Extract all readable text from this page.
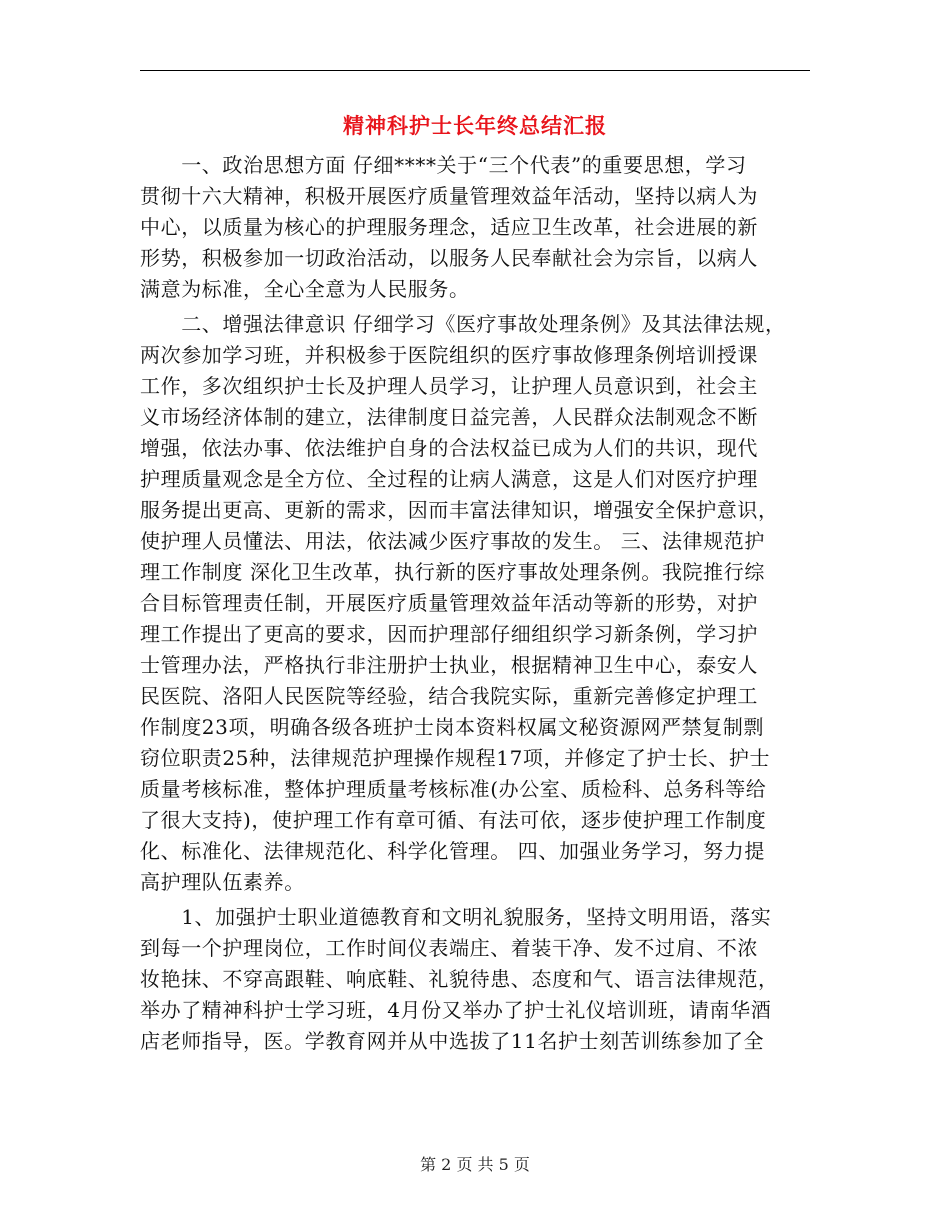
精神科护士长年终总结汇报
　　一、政治思想方面 仔细****关于“三个代表”的重要思想，学习
贯彻十六大精神，积极开展医疗质量管理效益年活动，坚持以病人为
中心，以质量为核心的护理服务理念，适应卫生改革，社会进展的新
形势，积极参加一切政治活动，以服务人民奉献社会为宗旨，以病人
满意为标准，全心全意为人民服务。
　　二、增强法律意识 仔细学习《医疗事故处理条例》及其法律法规，
两次参加学习班，并积极参于医院组织的医疗事故修理条例培训授课
工作，多次组织护士长及护理人员学习，让护理人员意识到，社会主
义市场经济体制的建立，法律制度日益完善，人民群众法制观念不断
增强，依法办事、依法维护自身的合法权益已成为人们的共识，现代
护理质量观念是全方位、全过程的让病人满意，这是人们对医疗护理
服务提出更高、更新的需求，因而丰富法律知识，增强安全保护意识，
使护理人员懂法、用法，依法减少医疗事故的发生。 三、法律规范护
理工作制度 深化卫生改革，执行新的医疗事故处理条例。我院推行综
合目标管理责任制，开展医疗质量管理效益年活动等新的形势，对护
理工作提出了更高的要求，因而护理部仔细组织学习新条例，学习护
士管理办法，严格执行非注册护士执业，根据精神卫生中心，泰安人
民医院、洛阳人民医院等经验，结合我院实际，重新完善修定护理工
作制度23项，明确各级各班护士岗本资料权属文秘资源网严禁复制剽
窃位职责25种，法律规范护理操作规程17项，并修定了护士长、护士
质量考核标准，整体护理质量考核标准(办公室、质检科、总务科等给
了很大支持)，使护理工作有章可循、有法可依，逐步使护理工作制度
化、标准化、法律规范化、科学化管理。 四、加强业务学习，努力提
高护理队伍素养。
　　1、加强护士职业道德教育和文明礼貌服务，坚持文明用语，落实
到每一个护理岗位，工作时间仪表端庄、着装干净、发不过肩、不浓
妆艳抹、不穿高跟鞋、响底鞋、礼貌待患、态度和气、语言法律规范，
举办了精神科护士学习班，4月份又举办了护士礼仪培训班，请南华酒
店老师指导，医。学教育网并从中选拔了11名护士刻苦训练参加了全
第 2 页 共 5 页
